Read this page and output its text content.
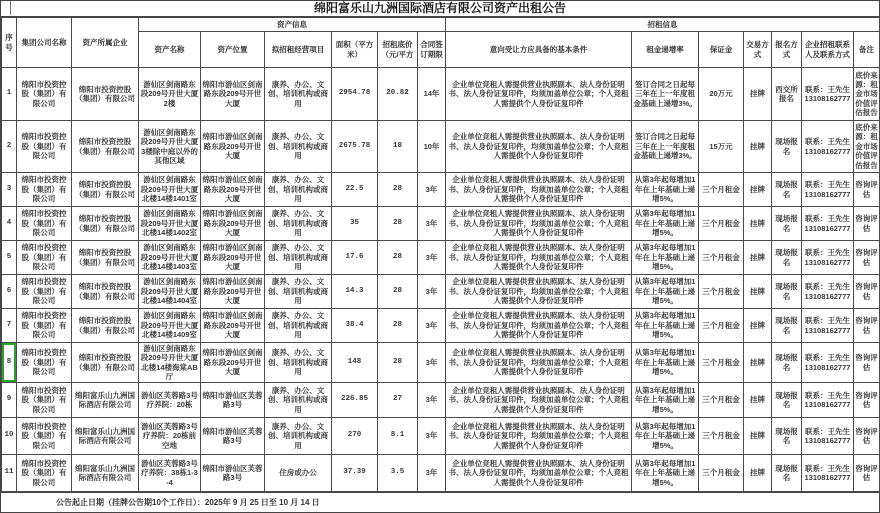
绵阳富乐山九洲国际酒店有限公司资产出租公告
序号	集团公司名称	资产所属企业	资产信息						招租信息						
			资产名称	资产位置	拟招租经营项目	面积（平方米）	招租底价（元/平方	合同签订期限	意向受让方应具备的基本条件	租金递增率	保证金	交易方式	报名方式	企业招租联系人及联系方式	备注
1	绵阳市投资控股（集团）有限公司	绵阳市投资控股（集团）有限公司	游仙区剑南路东段209号开世大厦2楼	绵阳市游仙区剑南路东段209号开世大厦	康养、办公、文创、培训机构或商用	2954.78	20.82	14年	企业单位竞租人需提供营业执照副本、法人身份证明书、法人身份证复印件，均须加盖单位公章；个人竞租人需提供个人身份证复印件	签订合同之日起每三年在上一年度租金基础上递增3%。	20万元	挂牌	西交所报名	联系：王先生13108162777	底价来源：租金市场价值评估报告
2	绵阳市投资控股（集团）有限公司	绵阳市投资控股（集团）有限公司	游仙区剑南路东段209号开世大厦3楼除中庭以外的其他区域	绵阳市游仙区剑南路东段209号开世大厦	康养、办公、文创、培训机构或商用	2675.78	18	10年	企业单位竞租人需提供营业执照副本、法人身份证明书、法人身份证复印件，均须加盖单位公章；个人竞租人需提供个人身份证复印件	签订合同之日起每三年在上一年度租金基础上递增3%。	15万元	挂牌	现场报名	联系：王先生13108162777	底价来源：租金市场价值评估报告
3	绵阳市投资控股（集团）有限公司	绵阳市投资控股（集团）有限公司	游仙区剑南路东段209号开世大厦北楼14楼1401室	绵阳市游仙区剑南路东段209号开世大厦	康养、办公、文创、培训机构或商用	22.5	28	3年	企业单位竞租人需提供营业执照副本、法人身份证明书、法人身份证复印件，均须加盖单位公章；个人竞租人需提供个人身份证复印件	从第3年起每增加1年在上年基础上递增5%。	三个月租金	挂牌	现场报名	联系：王先生13108162777	咨询评估
4	绵阳市投资控股（集团）有限公司	绵阳市投资控股（集团）有限公司	游仙区剑南路东段209号开世大厦北楼14楼1402室	绵阳市游仙区剑南路东段209号开世大厦	康养、办公、文创、培训机构或商用	35	28	3年	企业单位竞租人需提供营业执照副本、法人身份证明书、法人身份证复印件，均须加盖单位公章；个人竞租人需提供个人身份证复印件	从第3年起每增加1年在上年基础上递增5%。	三个月租金	挂牌	现场报名	联系：王先生13108162777	咨询评估
5	绵阳市投资控股（集团）有限公司	绵阳市投资控股（集团）有限公司	游仙区剑南路东段209号开世大厦北楼14楼1403室	绵阳市游仙区剑南路东段209号开世大厦	康养、办公、文创、培训机构或商用	17.6	28	3年	企业单位竞租人需提供营业执照副本、法人身份证明书、法人身份证复印件，均须加盖单位公章；个人竞租人需提供个人身份证复印件	从第3年起每增加1年在上年基础上递增5%。	三个月租金	挂牌	现场报名	联系：王先生13108162777	咨询评估
6	绵阳市投资控股（集团）有限公司	绵阳市投资控股（集团）有限公司	游仙区剑南路东段209号开世大厦北楼14楼1404室	绵阳市游仙区剑南路东段209号开世大厦	康养、办公、文创、培训机构或商用	14.3	28	3年	企业单位竞租人需提供营业执照副本、法人身份证明书、法人身份证复印件，均须加盖单位公章；个人竞租人需提供个人身份证复印件	从第3年起每增加1年在上年基础上递增5%。	三个月租金	挂牌	现场报名	联系：王先生13108162777	咨询评估
7	绵阳市投资控股（集团）有限公司	绵阳市投资控股（集团）有限公司	游仙区剑南路东段209号开世大厦北楼14楼1409室	绵阳市游仙区剑南路东段209号开世大厦	康养、办公、文创、培训机构或商用	38.4	28	3年	企业单位竞租人需提供营业执照副本、法人身份证明书、法人身份证复印件，均须加盖单位公章；个人竞租人需提供个人身份证复印件	从第3年起每增加1年在上年基础上递增5%。	三个月租金	挂牌	现场报名	联系：王先生13108162777	咨询评估
8	绵阳市投资控股（集团）有限公司	绵阳市投资控股（集团）有限公司	游仙区剑南路东段209号开世大厦北楼14楼海棠AB厅	绵阳市游仙区剑南路东段209号开世大厦	康养、办公、文创、培训机构或商用	148	28	3年	企业单位竞租人需提供营业执照副本、法人身份证明书、法人身份证复印件，均须加盖单位公章；个人竞租人需提供个人身份证复印件	从第3年起每增加1年在上年基础上递增5%。	三个月租金	挂牌	现场报名	联系：王先生13108162777	咨询评估
9	绵阳市投资控股（集团）有限公司	绵阳富乐山九洲国际酒店有限公司	游仙区芙蓉路3号疗养院：20栋	绵阳市游仙区芙蓉路3号	康养、办公、文创、培训机构或商用	226.85	27	3年	企业单位竞租人需提供营业执照副本、法人身份证明书、法人身份证复印件，均须加盖单位公章；个人竞租人需提供个人身份证复印件	从第3年起每增加1年在上年基础上递增5%。	三个月租金	挂牌	现场报名	联系：王先生13108162777	咨询评估
10	绵阳市投资控股（集团）有限公司	绵阳富乐山九洲国际酒店有限公司	游仙区芙蓉路3号疗养院：20栋前空地	绵阳市游仙区芙蓉路3号	康养、办公、文创、培训机构或商用	270	8.1	3年	企业单位竞租人需提供营业执照副本、法人身份证明书、法人身份证复印件，均须加盖单位公章；个人竞租人需提供个人身份证复印件	从第3年起每增加1年在上年基础上递增5%。	三个月租金	挂牌	现场报名	联系：王先生13108162777	咨询评估
11	绵阳市投资控股（集团）有限公司	绵阳富乐山九洲国际酒店有限公司	游仙区芙蓉路3号疗养院：38栋1-3-4	绵阳市游仙区芙蓉路3号	住房或办公	37.39	3.5	3年	企业单位竞租人需提供营业执照副本、法人身份证明书、法人身份证复印件，均须加盖单位公章；个人竞租人需提供个人身份证复印件	从第3年起每增加1年在上年基础上递增5%。	三个月租金	挂牌	现场报名	联系：王先生13108162777	咨询评估
公告起止日期（挂牌公告期10个工作日）：2025年 9 月 25 日至 10 月 14 日
